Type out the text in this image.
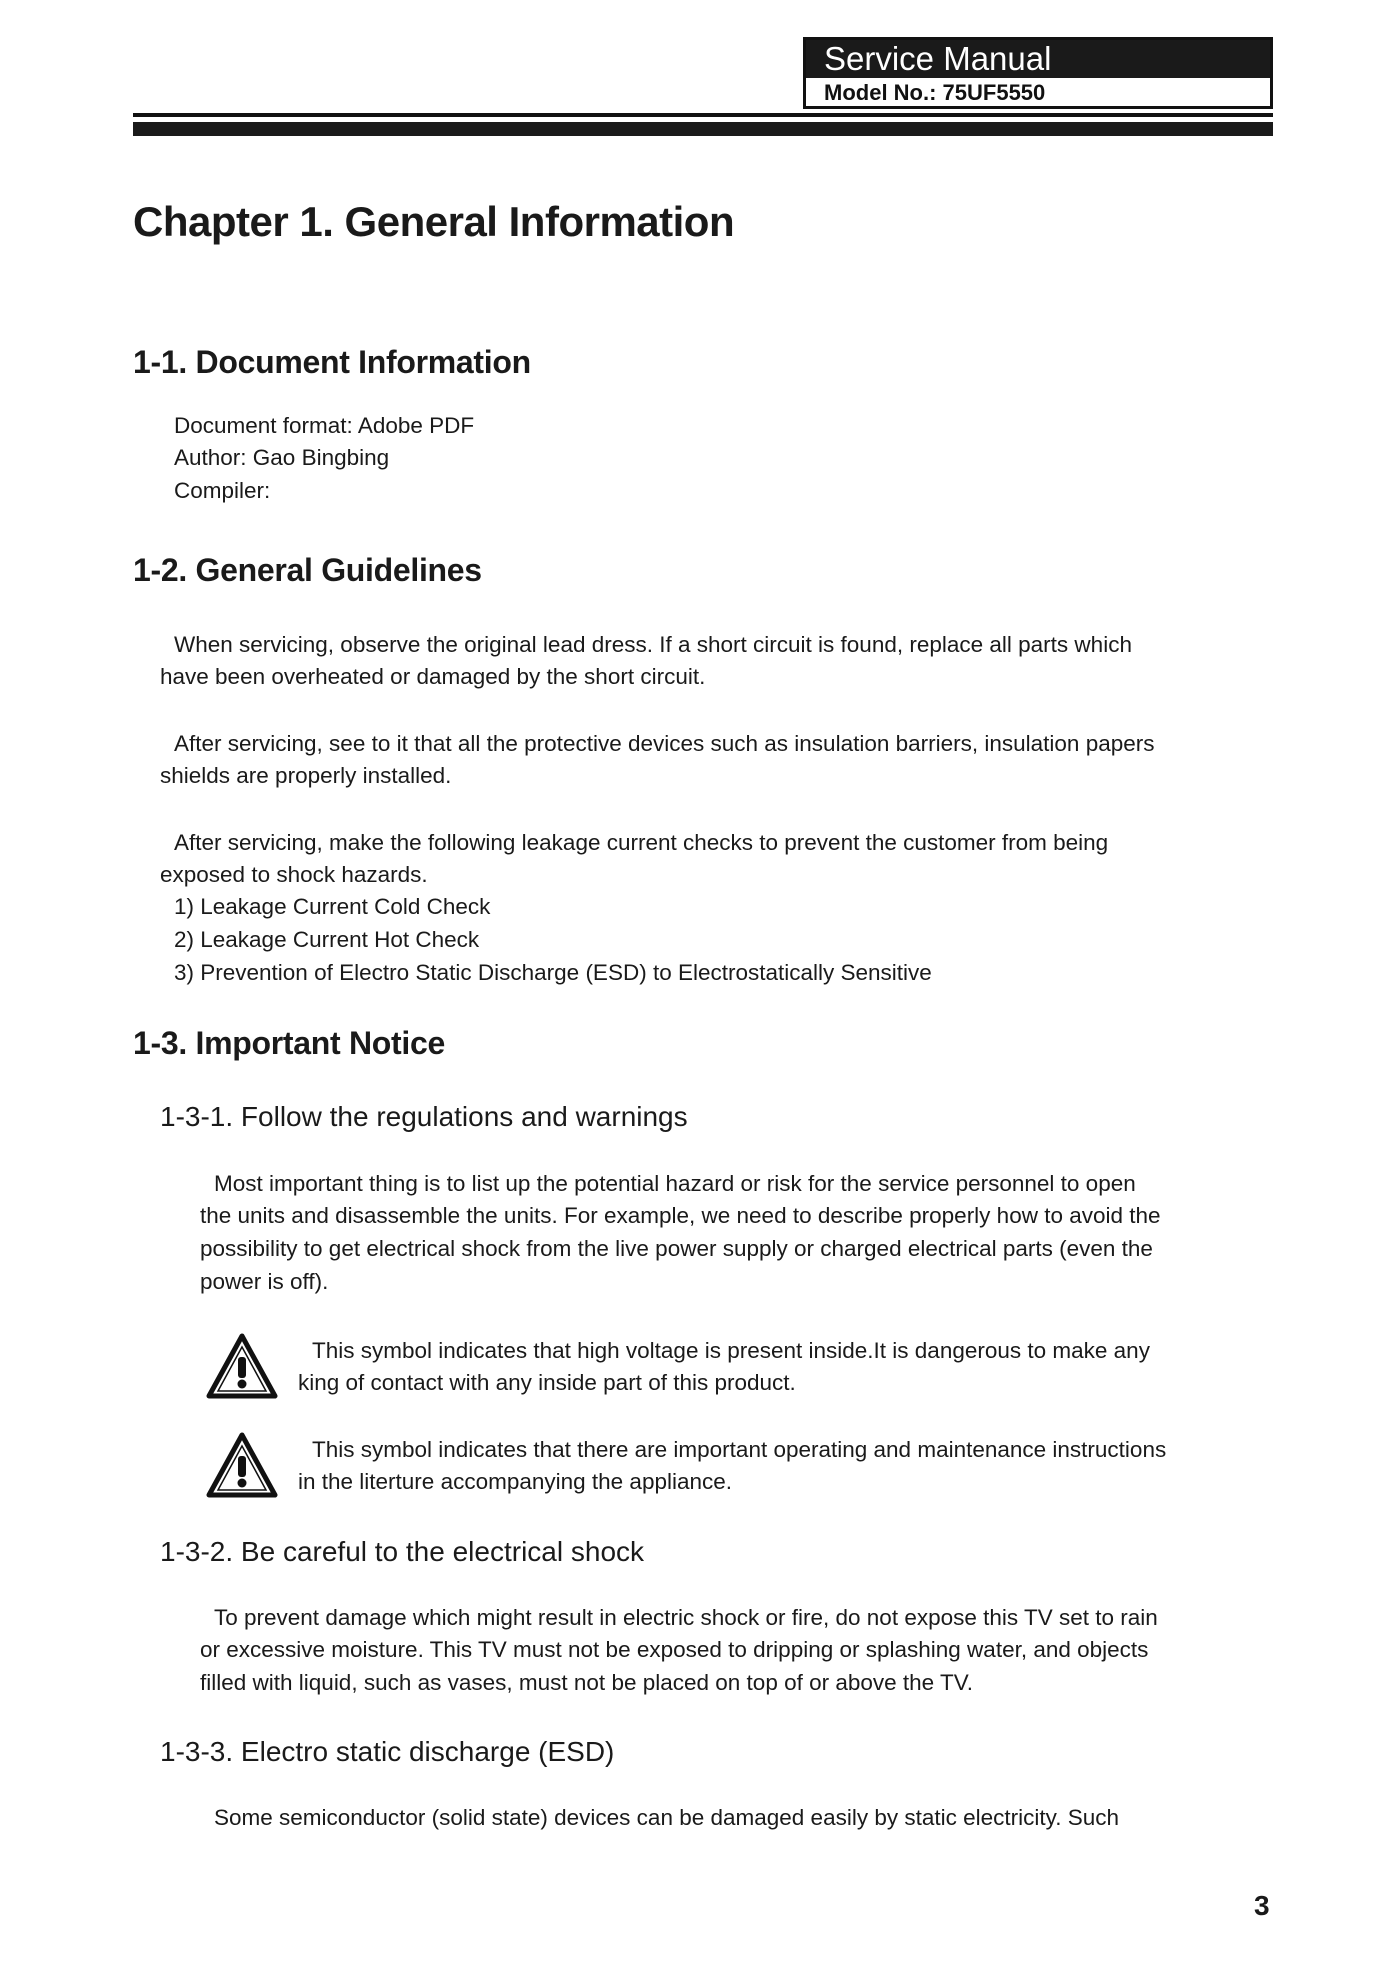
Service Manual
Model No.: 75UF5550
Chapter 1. General Information
1-1. Document Information
Document format: Adobe PDF
Author: Gao Bingbing
Compiler:
1-2. General Guidelines
When servicing, observe the original lead dress. If a short circuit is found, replace all parts which
have been overheated or damaged by the short circuit.
After servicing, see to it that all the protective devices such as insulation barriers, insulation papers
shields are properly installed.
After servicing, make the following leakage current checks to prevent the customer from being
exposed to shock hazards.
1) Leakage Current Cold Check
2) Leakage Current Hot Check
3) Prevention of Electro Static Discharge (ESD) to Electrostatically Sensitive
1-3. Important Notice
1-3-1. Follow the regulations and warnings
Most important thing is to list up the potential hazard or risk for the service personnel to open
the units and disassemble the units. For example, we need to describe properly how to avoid the
possibility to get electrical shock from the live power supply or charged electrical parts (even the
power is off).
This symbol indicates that high voltage is present inside.It is dangerous to make any
king of contact with any inside part of this product.
This symbol indicates that there are important operating and maintenance instructions
in the literture accompanying the appliance.
1-3-2. Be careful to the electrical shock
To prevent damage which might result in electric shock or fire, do not expose this TV set to rain
or excessive moisture. This TV must not be exposed to dripping or splashing water, and objects
filled with liquid, such as vases, must not be placed on top of or above the TV.
1-3-3. Electro static discharge (ESD)
Some semiconductor (solid state) devices can be damaged easily by static electricity. Such
3
